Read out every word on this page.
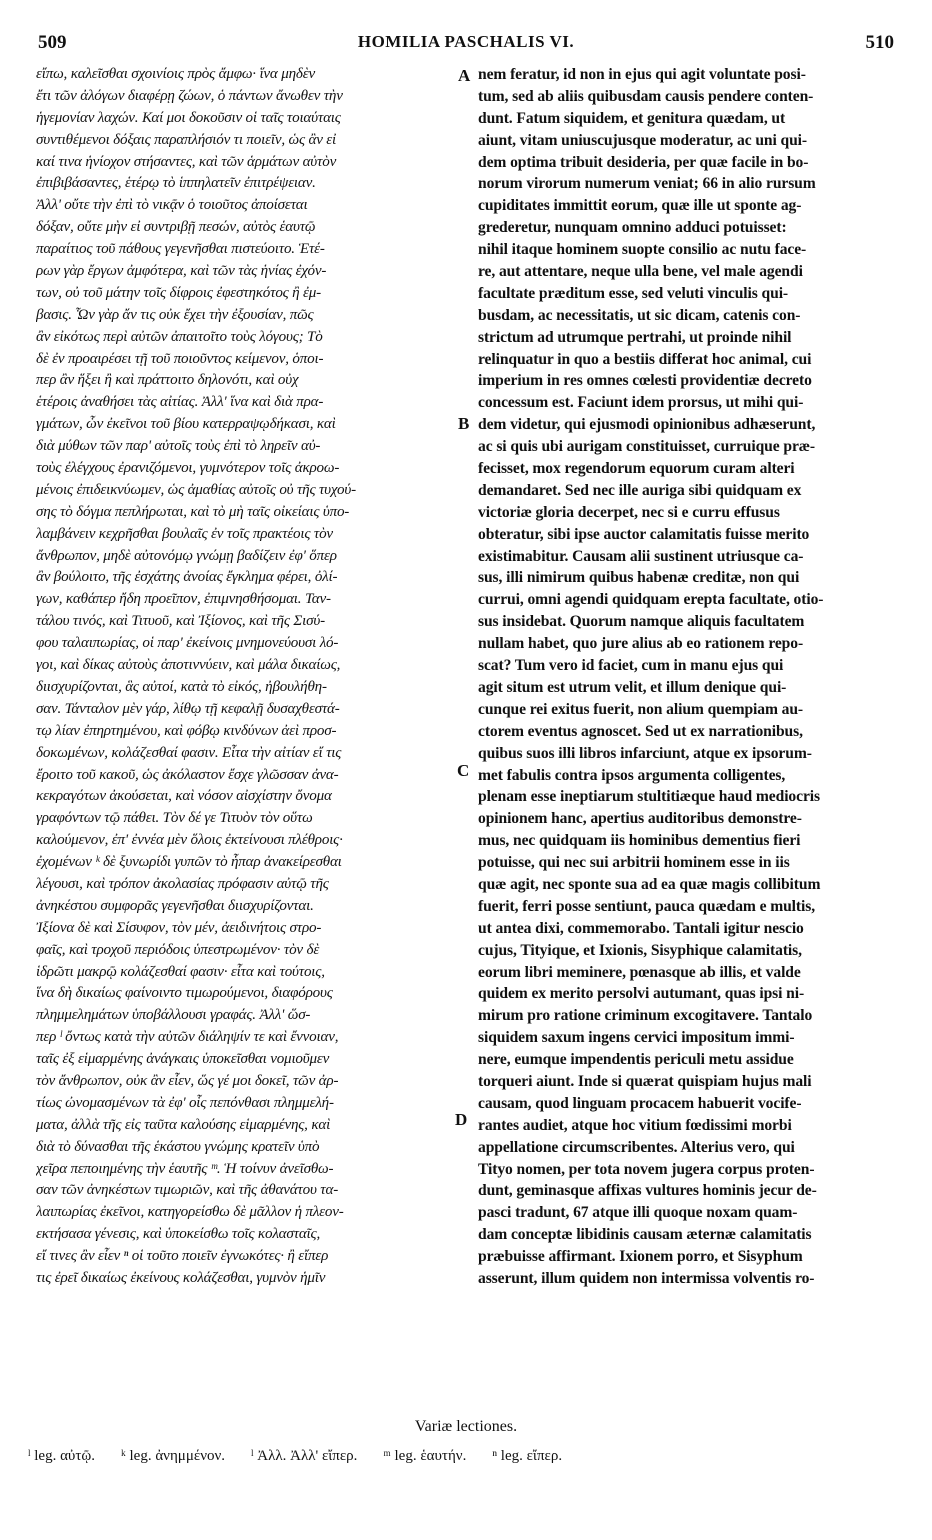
509	HOMILIA PASCHALIS VI.	510
εἴπω, καλεῖσθαι σχοινίοις πρὸς ἄμφω· ἵνα μηδὲν
ἔτι τῶν ἀλόγων διαφέρῃ ζώων, ὁ πάντων ἄνωθεν τὴν
ἡγεμονίαν λαχών. Καί μοι δοκοῦσιν οἱ ταῖς τοιαύταις
συντιθέμενοι δόξαις παραπλήσιόν τι ποιεῖν, ὡς ἂν εἰ
καί τινα ἡνίοχον στήσαντες, καὶ τῶν ἁρμάτων αὐτὸν
ἐπιβιβάσαντες, ἑτέρῳ τὸ ἱππηλατεῖν ἐπιτρέψειαν.
Ἀλλ' οὔτε τὴν ἐπὶ τὸ νικᾷν ὁ τοιοῦτος ἀποίσεται
δόξαν, οὔτε μὴν εἰ συντριβῇ πεσών, αὐτὸς ἑαυτῷ
παραίτιος τοῦ πάθους γεγενῆσθαι πιστεύοιτο. Ἑτέ-
ρων γὰρ ἔργων ἀμφότερα, καὶ τῶν τὰς ἡνίας ἐχόν-
των, οὐ τοῦ μάτην τοῖς δίφροις ἐφεστηκότος ἢ ἐμ-
βασις. Ὧν γὰρ ἄν τις οὐκ ἔχει τὴν ἐξουσίαν, πῶς
ἂν εἰκότως περὶ αὐτῶν ἀπαιτοῖτο τοὺς λόγους; Τὸ
δὲ ἐν προαιρέσει τῇ τοῦ ποιοῦντος κείμενον, ὁποι-
περ ἂν ἥξει ἢ καὶ πράττοιτο δηλονότι, καὶ οὐχ
ἑτέροις ἀναθήσει τὰς αἰτίας. Ἀλλ' ἵνα καὶ διὰ πρα-
γμάτων, ὧν ἐκεῖνοι τοῦ βίου κατερραψῳδήκασι, καὶ
διὰ μύθων τῶν παρ' αὐτοῖς τοὺς ἐπὶ τὸ ληρεῖν αὐ-
τοὺς ἐλέγχους ἐρανιζόμενοι, γυμνότερον τοῖς ἀκροω-
μένοις ἐπιδεικνύωμεν, ὡς ἀμαθίας αὐτοῖς οὐ τῆς τυχού-
σης τὸ δόγμα πεπλήρωται, καὶ τὸ μὴ ταῖς οἰκείαις ὑπο-
λαμβάνειν κεχρῆσθαι βουλαῖς ἐν τοῖς πρακτέοις τὸν
ἄνθρωπον, μηδὲ αὐτονόμῳ γνώμῃ βαδίζειν ἐφ' ὅπερ
ἂν βούλοιτο, τῆς ἐσχάτης ἀνοίας ἔγκλημα φέρει, ὀλί-
γων, καθάπερ ἤδη προεῖπον, ἐπιμνησθήσομαι. Ταν-
τάλου τινός, καὶ Τιτυοῦ, καὶ Ἰξίονος, καὶ τῆς Σισύ-
φου ταλαιπωρίας, οἱ παρ' ἐκείνοις μνημονεύουσι λό-
γοι, καὶ δίκας αὐτοὺς ἀποτιννύειν, καὶ μάλα δικαίως,
διισχυρίζονται, ἃς αὐτοί, κατὰ τὸ εἰκός, ἠβουλήθη-
σαν. Τάνταλον μὲν γάρ, λίθῳ τῇ κεφαλῇ δυσαχθεστά-
τῳ λίαν ἐπηρτημένου, καὶ φόβῳ κινδύνων ἀεὶ προσ-
δοκωμένων, κολάζεσθαί φασιν. Εἶτα τὴν αἰτίαν εἴ τις
ἔροιτο τοῦ κακοῦ, ὡς ἀκόλαστον ἔσχε γλῶσσαν ἀνα-
κεκραγότων ἀκούσεται, καὶ νόσον αἰσχίστην ὄνομα
γραφόντων τῷ πάθει. Τὸν δέ γε Τιτυὸν τὸν οὕτω
καλούμενον, ἐπ' ἐννέα μὲν ὅλοις ἐκτείνουσι πλέθροις·
ἐχομένων ᵏ δὲ ξυνωρίδι γυπῶν τὸ ἧπαρ ἀνακείρεσθαι
λέγουσι, καὶ τρόπον ἀκολασίας πρόφασιν αὐτῷ τῆς
ἀνηκέστου συμφορᾶς γεγενῆσθαι διισχυρίζονται.
Ἰξίονα δὲ καὶ Σίσυφον, τὸν μέν, ἀειδινήτοις στρο-
φαῖς, καὶ τροχοῦ περιόδοις ὑπεστρωμένον· τὸν δὲ
ἱδρῶτι μακρῷ κολάζεσθαί φασιν· εἶτα καὶ τούτοις,
ἵνα δὴ δικαίως φαίνοιντο τιμωρούμενοι, διαφόρους
πλημμελημάτων ὑποβάλλουσι γραφάς. Ἀλλ' ὥσ-
περ ˡ ὄντως κατὰ τὴν αὐτῶν διάληψίν τε καὶ ἔννοιαν,
ταῖς ἐξ εἱμαρμένης ἀνάγκαις ὑποκεῖσθαι νομιοῦμεν
τὸν ἄνθρωπον, οὐκ ἂν εἶεν, ὥς γέ μοι δοκεῖ, τῶν ἀρ-
τίως ὠνομασμένων τὰ ἐφ' οἷς πεπόνθασι πλημμελή-
ματα, ἀλλὰ τῆς εἰς ταῦτα καλούσης εἱμαρμένης, καὶ
διὰ τὸ δύνασθαι τῆς ἑκάστου γνώμης κρατεῖν ὑπὸ
χεῖρα πεποιημένης τὴν ἑαυτῆς ᵐ. Ἡ τοίνυν ἀνεῖσθω-
σαν τῶν ἀνηκέστων τιμωριῶν, καὶ τῆς ἀθανάτου τα-
λαιπωρίας ἐκεῖνοι, κατηγορείσθω δὲ μᾶλλον ἡ πλεον-
εκτήσασα γένεσις, καὶ ὑποκείσθω τοῖς κολασταῖς,
εἴ τινες ἂν εἶεν ⁿ οἱ τοῦτο ποιεῖν ἐγνωκότες· ἢ εἴπερ
τις ἐρεῖ δικαίως ἐκείνους κολάζεσθαι, γυμνὸν ἡμῖν
A
B
C
D
nem feratur, id non in ejus qui agit voluntate posi-
tum, sed ab aliis quibusdam causis pendere conten-
dunt. Fatum siquidem, et genitura quædam, ut
aiunt, vitam uniuscujusque moderatur, ac uni qui-
dem optima tribuit desideria, per quæ facile in bo-
norum virorum numerum veniat; 66 in alio rursum
cupiditates immittit eorum, quæ ille ut sponte ag-
grederetur, nunquam omnino adduci potuisset:
nihil itaque hominem suopte consilio ac nutu face-
re, aut attentare, neque ulla bene, vel male agendi
facultate præditum esse, sed veluti vinculis qui-
busdam, ac necessitatis, ut sic dicam, catenis con-
strictum ad utrumque pertrahi, ut proinde nihil
relinquatur in quo a bestiis differat hoc animal, cui
imperium in res omnes cœlesti providentiæ decreto
concessum est. Faciunt idem prorsus, ut mihi qui-
dem videtur, qui ejusmodi opinionibus adhæserunt,
ac si quis ubi aurigam constituisset, curruique præ-
fecisset, mox regendorum equorum curam alteri
demandaret. Sed nec ille auriga sibi quidquam ex
victoriæ gloria decerpet, nec si e curru effusus
obteratur, sibi ipse auctor calamitatis fuisse merito
existimabitur. Causam alii sustinent utriusque ca-
sus, illi nimirum quibus habenæ creditæ, non qui
currui, omni agendi quidquam erepta facultate, otio-
sus insidebat. Quorum namque aliquis facultatem
nullam habet, quo jure alius ab eo rationem repo-
scat? Tum vero id faciet, cum in manu ejus qui
agit situm est utrum velit, et illum denique qui-
cunque rei exitus fuerit, non alium quempiam au-
ctorem eventus agnoscet. Sed ut ex narrationibus,
quibus suos illi libros infarciunt, atque ex ipsorum-
met fabulis contra ipsos argumenta colligentes,
plenam esse ineptiarum stultitiæque haud mediocris
opinionem hanc, apertius auditoribus demonstre-
mus, nec quidquam iis hominibus dementius fieri
potuisse, qui nec sui arbitrii hominem esse in iis
quæ agit, nec sponte sua ad ea quæ magis collibitum
fuerit, ferri posse sentiunt, pauca quædam e multis,
ut antea dixi, commemorabo. Tantali igitur nescio
cujus, Tityique, et Ixionis, Sisyphique calamitatis,
eorum libri meminere, pœnasque ab illis, et valde
quidem ex merito persolvi autumant, quas ipsi ni-
mirum pro ratione criminum excogitavere. Tantalo
siquidem saxum ingens cervici impositum immi-
nere, eumque impendentis periculi metu assidue
torqueri aiunt. Inde si quærat quispiam hujus mali
causam, quod linguam procacem habuerit vocife-
rantes audiet, atque hoc vitium fœdissimi morbi
appellatione circumscribentes. Alterius vero, qui
Tityo nomen, per tota novem jugera corpus proten-
dunt, geminasque affixas vultures hominis jecur de-
pasci tradunt, 67 atque illi quoque noxam quam-
dam conceptæ libidinis causam æternæ calamitatis
præbuisse affirmant. Ixionem porro, et Sisyphum
asserunt, illum quidem non intermissa volventis ro-
Variæ lectiones.
ˡ leg. αὐτῷ. ᵏ leg. ἀνημμένον. ˡ Ἀλλ. Ἀλλ' εἴπερ. ᵐ leg. ἑαυτήν. ⁿ leg. εἴπερ.
